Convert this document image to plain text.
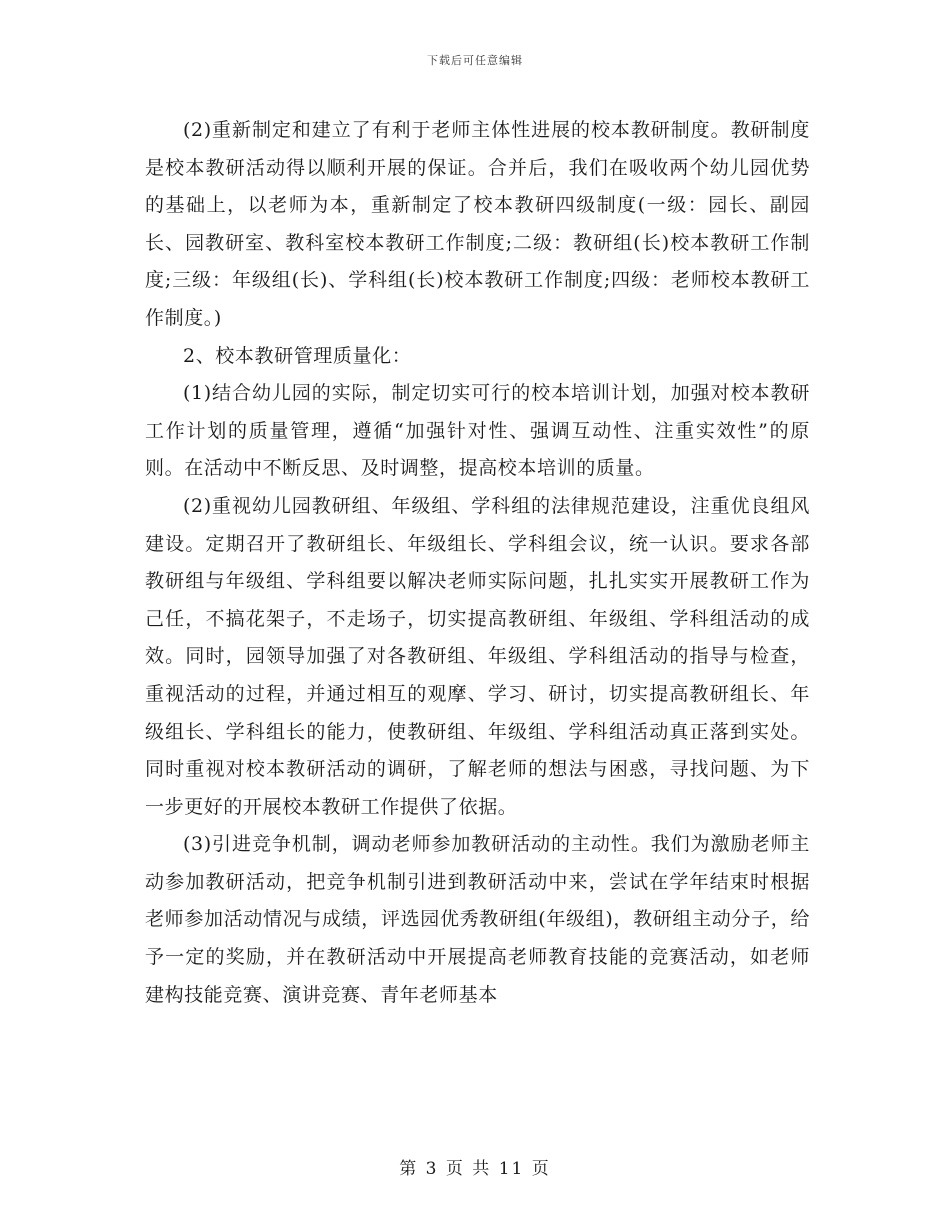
下载后可任意编辑

(2)重新制定和建立了有利于老师主体性进展的校本教研制度。教研制度是校本教研活动得以顺利开展的保证。合并后，我们在吸收两个幼儿园优势的基础上，以老师为本，重新制定了校本教研四级制度(一级：园长、副园长、园教研室、教科室校本教研工作制度;二级：教研组(长)校本教研工作制度;三级：年级组(长)、学科组(长)校本教研工作制度;四级：老师校本教研工作制度。)

2、校本教研管理质量化：

(1)结合幼儿园的实际，制定切实可行的校本培训计划，加强对校本教研工作计划的质量管理，遵循“加强针对性、强调互动性、注重实效性”的原则。在活动中不断反思、及时调整，提高校本培训的质量。

(2)重视幼儿园教研组、年级组、学科组的法律规范建设，注重优良组风建设。定期召开了教研组长、年级组长、学科组会议，统一认识。要求各部教研组与年级组、学科组要以解决老师实际问题，扎扎实实开展教研工作为己任，不搞花架子，不走场子，切实提高教研组、年级组、学科组活动的成效。同时，园领导加强了对各教研组、年级组、学科组活动的指导与检查，重视活动的过程，并通过相互的观摩、学习、研讨，切实提高教研组长、年级组长、学科组长的能力，使教研组、年级组、学科组活动真正落到实处。同时重视对校本教研活动的调研，了解老师的想法与困惑，寻找问题、为下一步更好的开展校本教研工作提供了依据。

(3)引进竞争机制，调动老师参加教研活动的主动性。我们为激励老师主动参加教研活动，把竞争机制引进到教研活动中来，尝试在学年结束时根据老师参加活动情况与成绩，评选园优秀教研组(年级组)，教研组主动分子，给予一定的奖励，并在教研活动中开展提高老师教育技能的竞赛活动，如老师建构技能竞赛、演讲竞赛、青年老师基本

第 3 页 共 11 页
